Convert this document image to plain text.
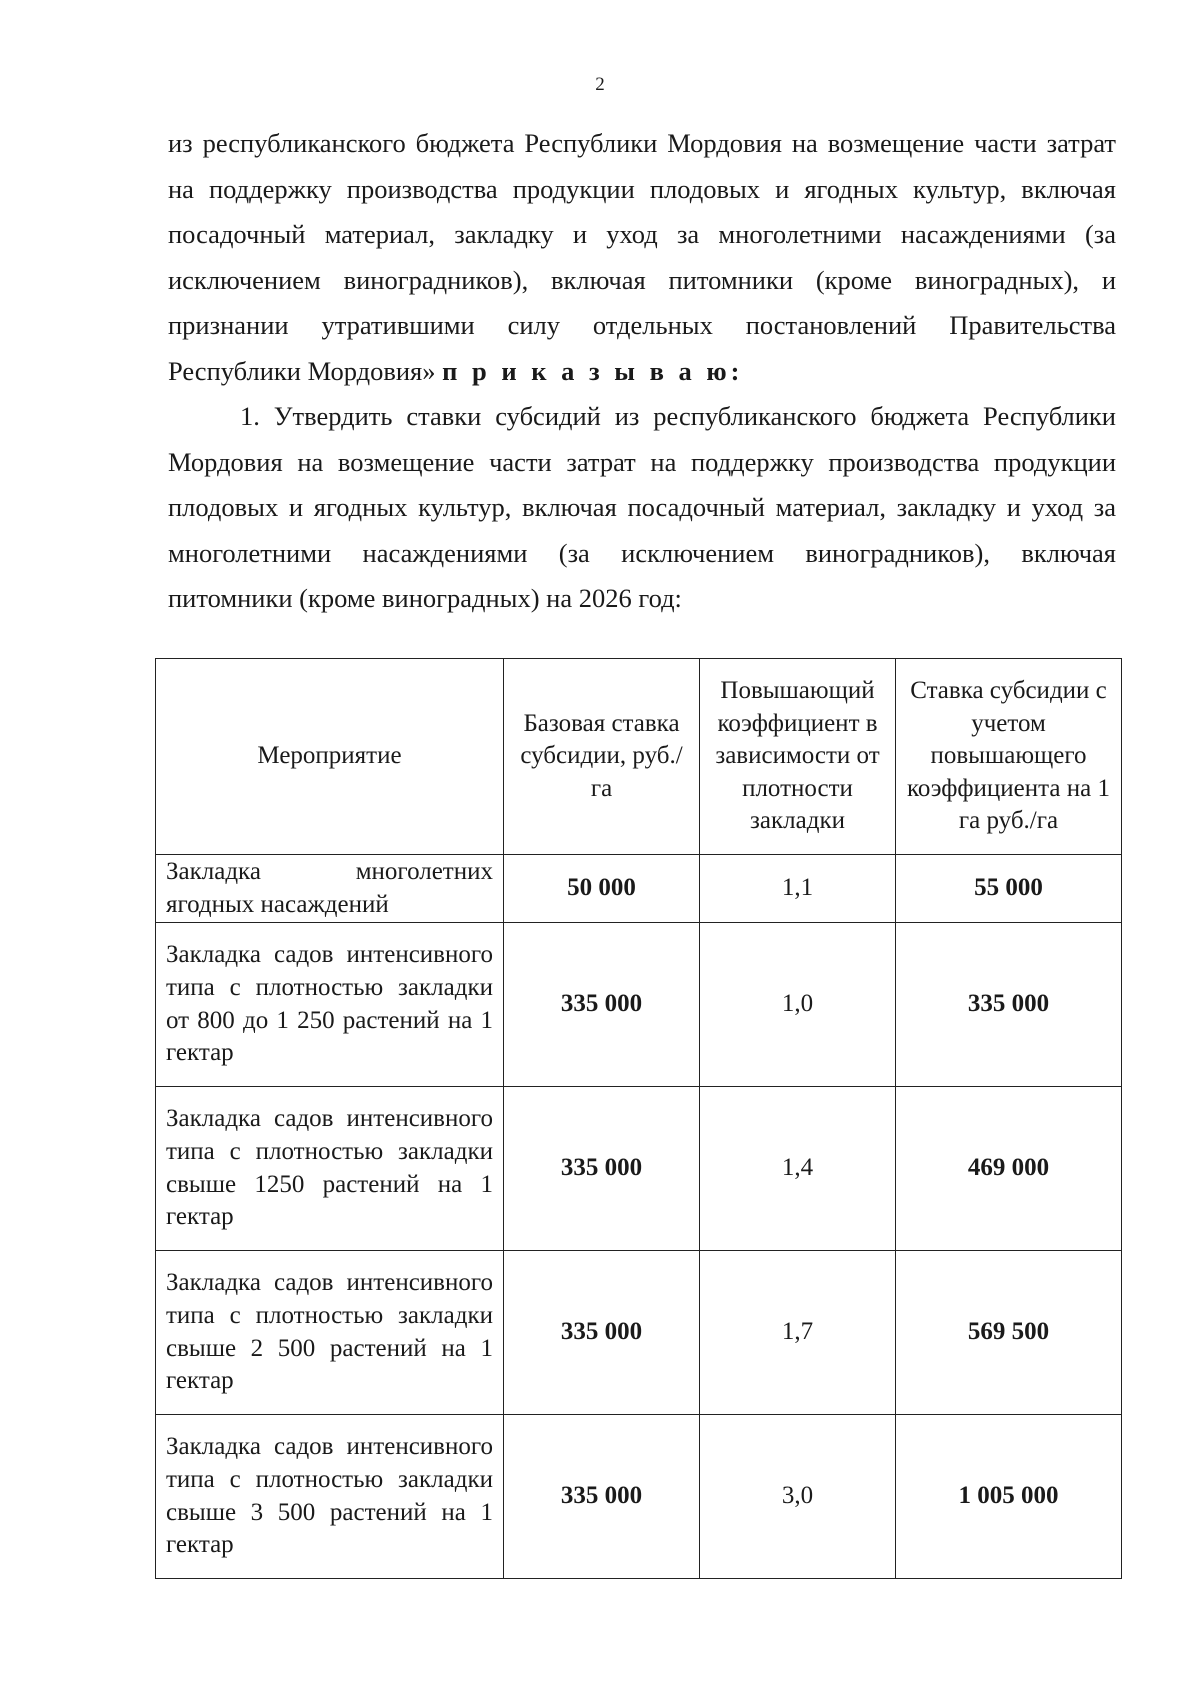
2

из республиканского бюджета Республики Мордовия на возмещение части затрат на поддержку производства продукции плодовых и ягодных культур, включая посадочный материал, закладку и уход за многолетними насаждениями (за исключением виноградников), включая питомники (кроме виноградных), и признании утратившими силу отдельных постановлений Правительства Республики Мордовия» п р и к а з ы в а ю:

1. Утвердить ставки субсидий из республиканского бюджета Республики Мордовия на возмещение части затрат на поддержку производства продукции плодовых и ягодных культур, включая посадочный материал, закладку и уход за многолетними насаждениями (за исключением виноградников), включая питомники (кроме виноградных) на 2026 год:

Мероприятие	Базовая ставка субсидии, руб./га	Повышающий коэффициент в зависимости от плотности закладки	Ставка субсидии с учетом повышающего коэффициента на 1 га руб./га
Закладка многолетних ягодных насаждений	50 000	1,1	55 000
Закладка садов интенсивного типа с плотностью закладки от 800 до 1 250 растений на 1 гектар	335 000	1,0	335 000
Закладка садов интенсивного типа с плотностью закладки свыше 1250 растений на 1 гектар	335 000	1,4	469 000
Закладка садов интенсивного типа с плотностью закладки свыше 2 500 растений на 1 гектар	335 000	1,7	569 500
Закладка садов интенсивного типа с плотностью закладки свыше 3 500 растений на 1 гектар	335 000	3,0	1 005 000
